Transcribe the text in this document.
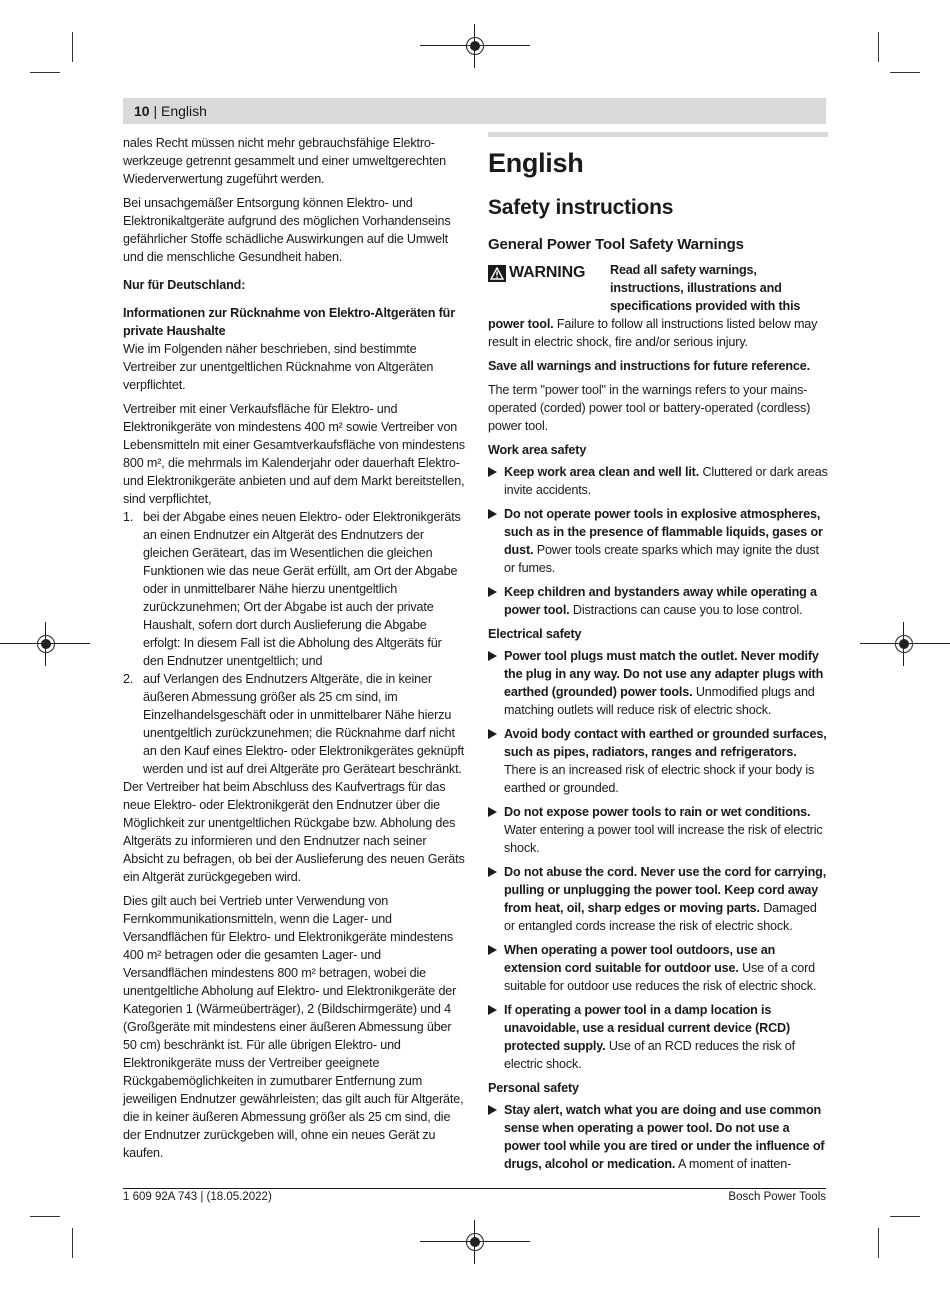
10 | English

nales Recht müssen nicht mehr gebrauchsfähige Elektro-werkzeuge getrennt gesammelt und einer umweltgerechten Wiederverwertung zugeführt werden.

Bei unsachgemäßer Entsorgung können Elektro- und Elektronikaltgeräte aufgrund des möglichen Vorhandenseins gefährlicher Stoffe schädliche Auswirkungen auf die Umwelt und die menschliche Gesundheit haben.

Nur für Deutschland:

Informationen zur Rücknahme von Elektro-Altgeräten für private Haushalte

Wie im Folgenden näher beschrieben, sind bestimmte Vertreiber zur unentgeltlichen Rücknahme von Altgeräten verpflichtet.

Vertreiber mit einer Verkaufsfläche für Elektro- und Elektronikgeräte von mindestens 400 m² sowie Vertreiber von Lebensmitteln mit einer Gesamtverkaufsfläche von mindestens 800 m², die mehrmals im Kalenderjahr oder dauerhaft Elektro- und Elektronikgeräte anbieten und auf dem Markt bereitstellen, sind verpflichtet,

1. bei der Abgabe eines neuen Elektro- oder Elektronikgeräts an einen Endnutzer ein Altgerät des Endnutzers der gleichen Geräteart, das im Wesentlichen die gleichen Funktionen wie das neue Gerät erfüllt, am Ort der Abgabe oder in unmittelbarer Nähe hierzu unentgeltlich zurückzunehmen; Ort der Abgabe ist auch der private Haushalt, sofern dort durch Auslieferung die Abgabe erfolgt: In diesem Fall ist die Abholung des Altgeräts für den Endnutzer unentgeltlich; und
2. auf Verlangen des Endnutzers Altgeräte, die in keiner äußeren Abmessung größer als 25 cm sind, im Einzelhandelsgeschäft oder in unmittelbarer Nähe hierzu unentgeltlich zurückzunehmen; die Rücknahme darf nicht an den Kauf eines Elektro- oder Elektronikgerätes geknüpft werden und ist auf drei Altgeräte pro Geräteart beschränkt.

Der Vertreiber hat beim Abschluss des Kaufvertrags für das neue Elektro- oder Elektronikgerät den Endnutzer über die Möglichkeit zur unentgeltlichen Rückgabe bzw. Abholung des Altgeräts zu informieren und den Endnutzer nach seiner Absicht zu befragen, ob bei der Auslieferung des neuen Geräts ein Altgerät zurückgegeben wird.

Dies gilt auch bei Vertrieb unter Verwendung von Fernkommunikationsmitteln, wenn die Lager- und Versandflächen für Elektro- und Elektronikgeräte mindestens 400 m² betragen oder die gesamten Lager- und Versandflächen mindestens 800 m² betragen, wobei die unentgeltliche Abholung auf Elektro- und Elektronikgeräte der Kategorien 1 (Wärmeüberträger), 2 (Bildschirmgeräte) und 4 (Großgeräte mit mindestens einer äußeren Abmessung über 50 cm) beschränkt ist. Für alle übrigen Elektro- und Elektronikgeräte muss der Vertreiber geeignete Rückgabemöglichkeiten in zumutbarer Entfernung zum jeweiligen Endnutzer gewährleisten; das gilt auch für Altgeräte, die in keiner äußeren Abmessung größer als 25 cm sind, die der Endnutzer zurückgeben will, ohne ein neues Gerät zu kaufen.

English
Safety instructions
General Power Tool Safety Warnings
WARNING Read all safety warnings, instructions, illustrations and specifications provided with this power tool. Failure to follow all instructions listed below may result in electric shock, fire and/or serious injury.

Save all warnings and instructions for future reference.

The term "power tool" in the warnings refers to your mains-operated (corded) power tool or battery-operated (cordless) power tool.

Work area safety
Keep work area clean and well lit. Cluttered or dark areas invite accidents.
Do not operate power tools in explosive atmospheres, such as in the presence of flammable liquids, gases or dust. Power tools create sparks which may ignite the dust or fumes.
Keep children and bystanders away while operating a power tool. Distractions can cause you to lose control.
Electrical safety
Power tool plugs must match the outlet. Never modify the plug in any way. Do not use any adapter plugs with earthed (grounded) power tools. Unmodified plugs and matching outlets will reduce risk of electric shock.
Avoid body contact with earthed or grounded surfaces, such as pipes, radiators, ranges and refrigerators. There is an increased risk of electric shock if your body is earthed or grounded.
Do not expose power tools to rain or wet conditions. Water entering a power tool will increase the risk of electric shock.
Do not abuse the cord. Never use the cord for carrying, pulling or unplugging the power tool. Keep cord away from heat, oil, sharp edges or moving parts. Damaged or entangled cords increase the risk of electric shock.
When operating a power tool outdoors, use an extension cord suitable for outdoor use. Use of a cord suitable for outdoor use reduces the risk of electric shock.
If operating a power tool in a damp location is unavoidable, use a residual current device (RCD) protected supply. Use of an RCD reduces the risk of electric shock.
Personal safety
Stay alert, watch what you are doing and use common sense when operating a power tool. Do not use a power tool while you are tired or under the influence of drugs, alcohol or medication. A moment of inatten-
1 609 92A 743 | (18.05.2022)	Bosch Power Tools
